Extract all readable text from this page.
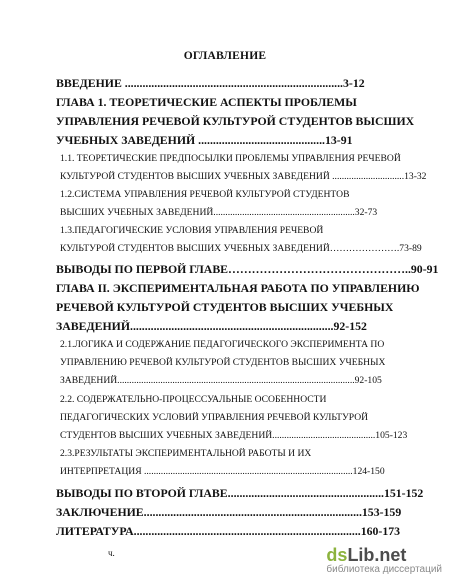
ОГЛАВЛЕНИЕ
ВВЕДЕНИЕ ..........................................................................3-12
ГЛАВА 1. ТЕОРЕТИЧЕСКИЕ АСПЕКТЫ ПРОБЛЕМЫ
УПРАВЛЕНИЯ РЕЧЕВОЙ КУЛЬТУРОЙ СТУДЕНТОВ ВЫСШИХ
УЧЕБНЫХ ЗАВЕДЕНИЙ ...........................................13-91
1.1. ТЕОРЕТИЧЕСКИЕ ПРЕДПОСЫЛКИ ПРОБЛЕМЫ УПРАВЛЕНИЯ РЕЧЕВОЙ
КУЛЬТУРОЙ СТУДЕНТОВ ВЫСШИХ УЧЕБНЫХ ЗАВЕДЕНИЙ ..............................13-32
1.2.СИСТЕМА УПРАВЛЕНИЯ РЕЧЕВОЙ КУЛЬТУРОЙ СТУДЕНТОВ
ВЫСШИХ УЧЕБНЫХ ЗАВЕДЕНИЙ...........................................................32-73
1.3.ПЕДАГОГИЧЕСКИЕ УСЛОВИЯ УПРАВЛЕНИЯ РЕЧЕВОЙ
КУЛЬТУРОЙ СТУДЕНТОВ ВЫСШИХ УЧЕБНЫХ ЗАВЕДЕНИЙ………………….73-89
ВЫВОДЫ ПО ПЕРВОЙ ГЛАВЕ………………………………………..90-91
ГЛАВА II. ЭКСПЕРИМЕНТАЛЬНАЯ РАБОТА ПО УПРАВЛЕНИЮ
РЕЧЕВОЙ КУЛЬТУРОЙ СТУДЕНТОВ ВЫСШИХ УЧЕБНЫХ
ЗАВЕДЕНИЙ.....................................................................92-152
2.1.ЛОГИКА И СОДЕРЖАНИЕ ПЕДАГОГИЧЕСКОГО ЭКСПЕРИМЕНТА ПО
УПРАВЛЕНИЮ РЕЧЕВОЙ КУЛЬТУРОЙ СТУДЕНТОВ ВЫСШИХ УЧЕБНЫХ
ЗАВЕДЕНИЙ...................................................................................................92-105
2.2. СОДЕРЖАТЕЛЬНО-ПРОЦЕССУАЛЬНЫЕ ОСОБЕННОСТИ
ПЕДАГОГИЧЕСКИХ УСЛОВИЙ УПРАВЛЕНИЯ РЕЧЕВОЙ КУЛЬТУРОЙ
СТУДЕНТОВ ВЫСШИХ УЧЕБНЫХ ЗАВЕДЕНИЙ...........................................105-123
2.3.РЕЗУЛЬТАТЫ ЭКСПЕРИМЕНТАЛЬНОЙ РАБОТЫ И ИХ
ИНТЕРПРЕТАЦИЯ .......................................................................................124-150
ВЫВОДЫ ПО ВТОРОЙ ГЛАВЕ.....................................................151-152
ЗАКЛЮЧЕНИЕ..........................................................................153-159
ЛИТЕРАТУРА.............................................................................160-173
ч.	dsLib.net
библиотека диссертаций
